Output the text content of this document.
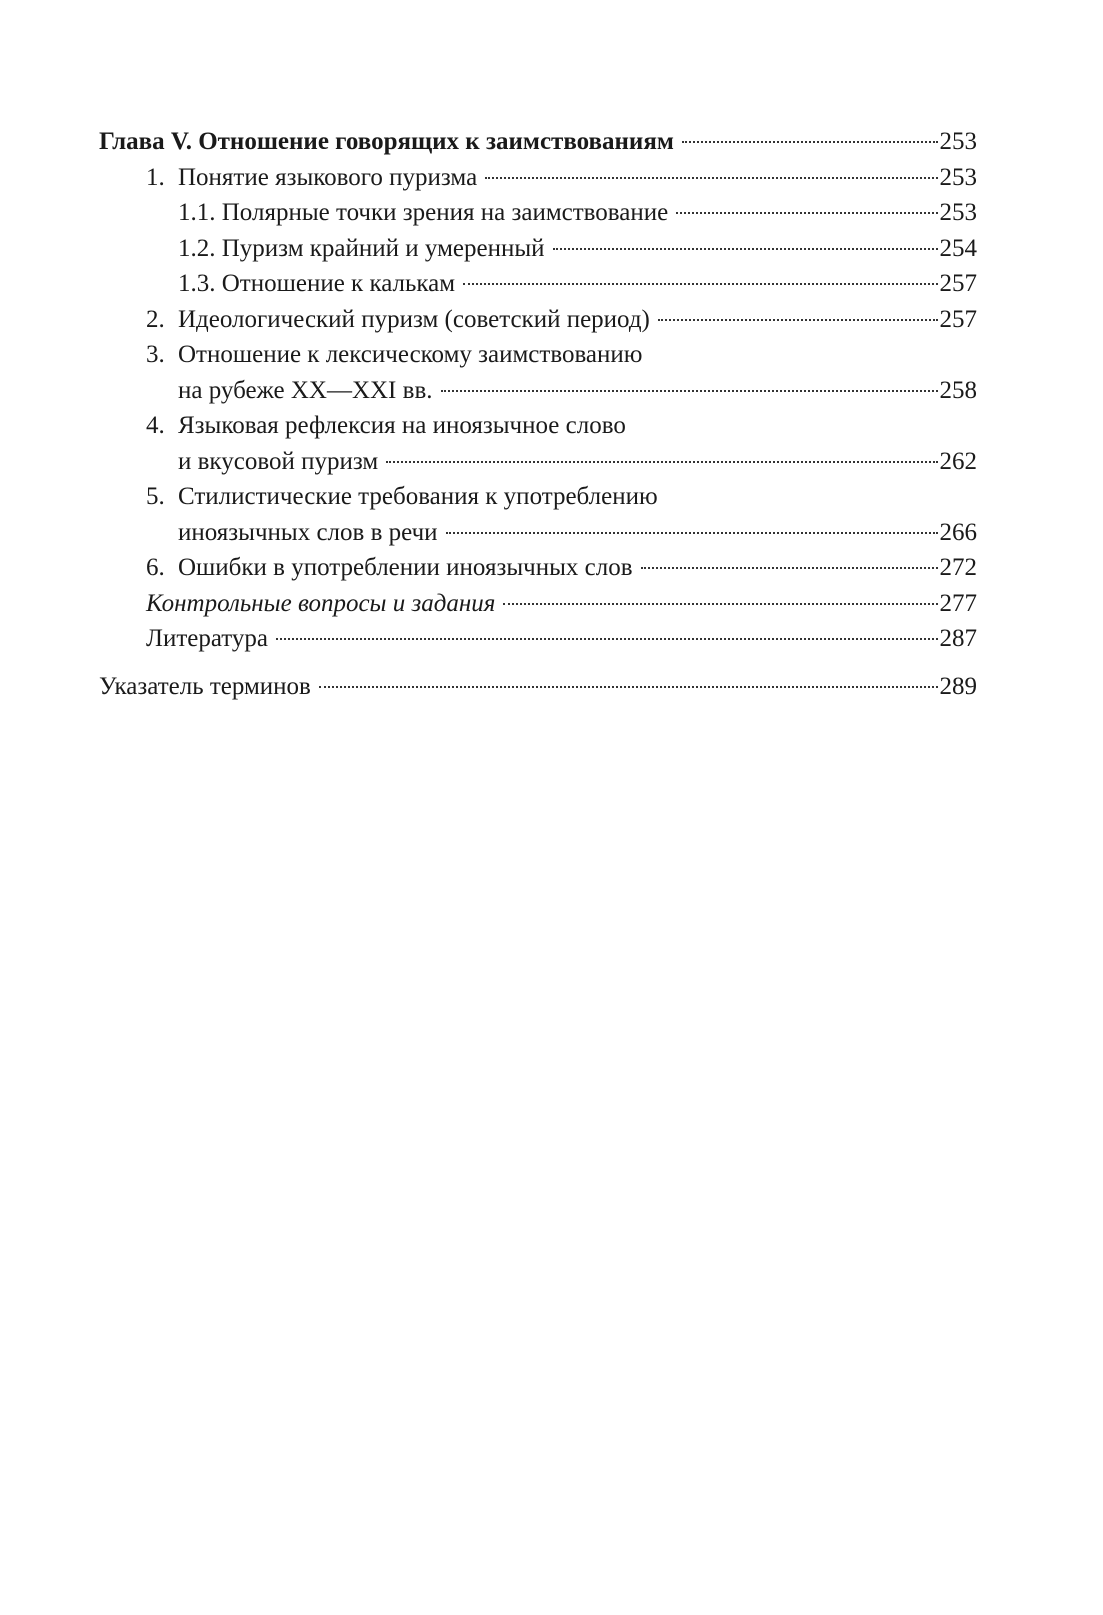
Глава V. Отношение говорящих к заимствованиям	253

1. Понятие языкового пуризма	253

1.1. Полярные точки зрения на заимствование	253

1.2. Пуризм крайний и умеренный	254

1.3. Отношение к калькам	257

2. Идеологический пуризм (советский период)	257

3. Отношение к лексическому заимствованию
на рубеже XX—XXI вв.	258

4. Языковая рефлексия на иноязычное слово
и вкусовой пуризм	262

5. Стилистические требования к употреблению
иноязычных слов в речи	266

6. Ошибки в употреблении иноязычных слов	272

Контрольные вопросы и задания	277

Литература	287

Указатель терминов	289
